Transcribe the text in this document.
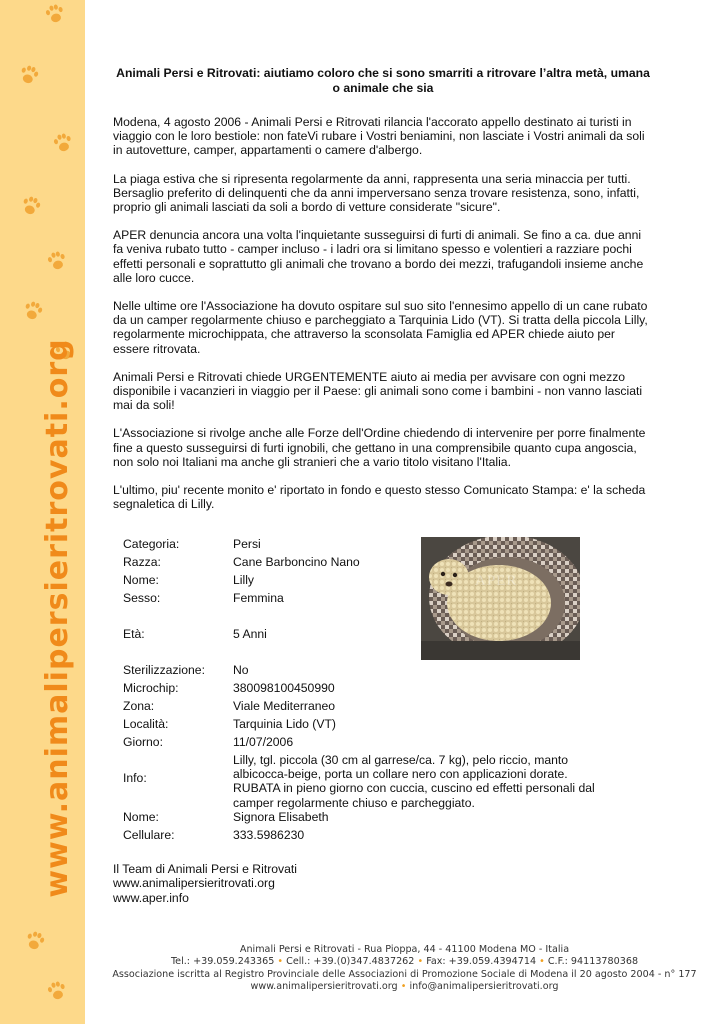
www.animalipersieritrovati.org
Animali Persi e Ritrovati: aiutiamo coloro che si sono smarriti a ritrovare l’altra metà, umana o animale che sia
Modena, 4 agosto 2006 - Animali Persi e Ritrovati rilancia l'accorato appello destinato ai turisti in viaggio con le loro bestiole: non fateVi rubare i Vostri beniamini, non lasciate i Vostri animali da soli in autovetture, camper, appartamenti o camere d'albergo.
La piaga estiva che si ripresenta regolarmente da anni, rappresenta una seria minaccia per tutti.
Bersaglio preferito di delinquenti che da anni imperversano senza trovare resistenza, sono, infatti,
proprio gli animali lasciati da soli a bordo di vetture considerate "sicure".
APER denuncia ancora una volta l'inquietante susseguirsi di furti di animali. Se fino a ca. due anni fa veniva rubato tutto - camper incluso - i ladri ora si limitano spesso e volentieri a razziare pochi effetti personali e soprattutto gli animali che trovano a bordo dei mezzi, trafugandoli insieme anche alle loro cucce.
Nelle ultime ore l'Associazione ha dovuto ospitare sul suo sito l'ennesimo appello di un cane rubato da un camper regolarmente chiuso e parcheggiato a Tarquinia Lido (VT). Si tratta della piccola Lilly, regolarmente microchippata, che attraverso la sconsolata Famiglia ed APER chiede aiuto per essere ritrovata.
Animali Persi e Ritrovati chiede URGENTEMENTE aiuto ai media per avvisare con ogni mezzo disponibile i vacanzieri in viaggio per il Paese: gli animali sono come i bambini - non vanno lasciati mai da soli!
L'Associazione si rivolge anche alle Forze dell'Ordine chiedendo di intervenire per porre finalmente fine a questo susseguirsi di furti ignobili, che gettano in una comprensibile quanto cupa angoscia, non solo noi Italiani ma anche gli stranieri che a vario titolo visitano l'Italia.
L'ultimo, piu' recente monito e' riportato in fondo e questo stesso Comunicato Stampa: e' la scheda segnaletica di Lilly.
Categoria:	Persi
Razza:	Cane Barboncino Nano
Nome:	Lilly
Sesso:	Femmina
Età:	5 Anni
Sterilizzazione: No
Microchip:	380098100450990
Zona:	Viale Mediterraneo
Località:	Tarquinia Lido (VT)
Giorno:	11/07/2006
Info:
Lilly, tgl. piccola (30 cm al garrese/ca. 7 kg), pelo riccio, manto albicocca-beige, porta un collare nero con applicazioni dorate. RUBATA in pieno giorno con cuccia, cuscino ed effetti personali dal camper regolarmente chiuso e parcheggiato.
Nome:	Signora Elisabeth
Cellulare:	333.5986230
APER
Il Team di Animali Persi e Ritrovati
www.animalipersieritrovati.org
www.aper.info
Animali Persi e Ritrovati - Rua Pioppa, 44 - 41100 Modena MO - Italia
Tel.: +39.059.243365 • Cell.: +39.(0)347.4837262 • Fax: +39.059.4394714 • C.F.: 94113780368
Associazione iscritta al Registro Provinciale delle Associazioni di Promozione Sociale di Modena il 20 agosto 2004 - n° 177
www.animalipersieritrovati.org • info@animalipersieritrovati.org
